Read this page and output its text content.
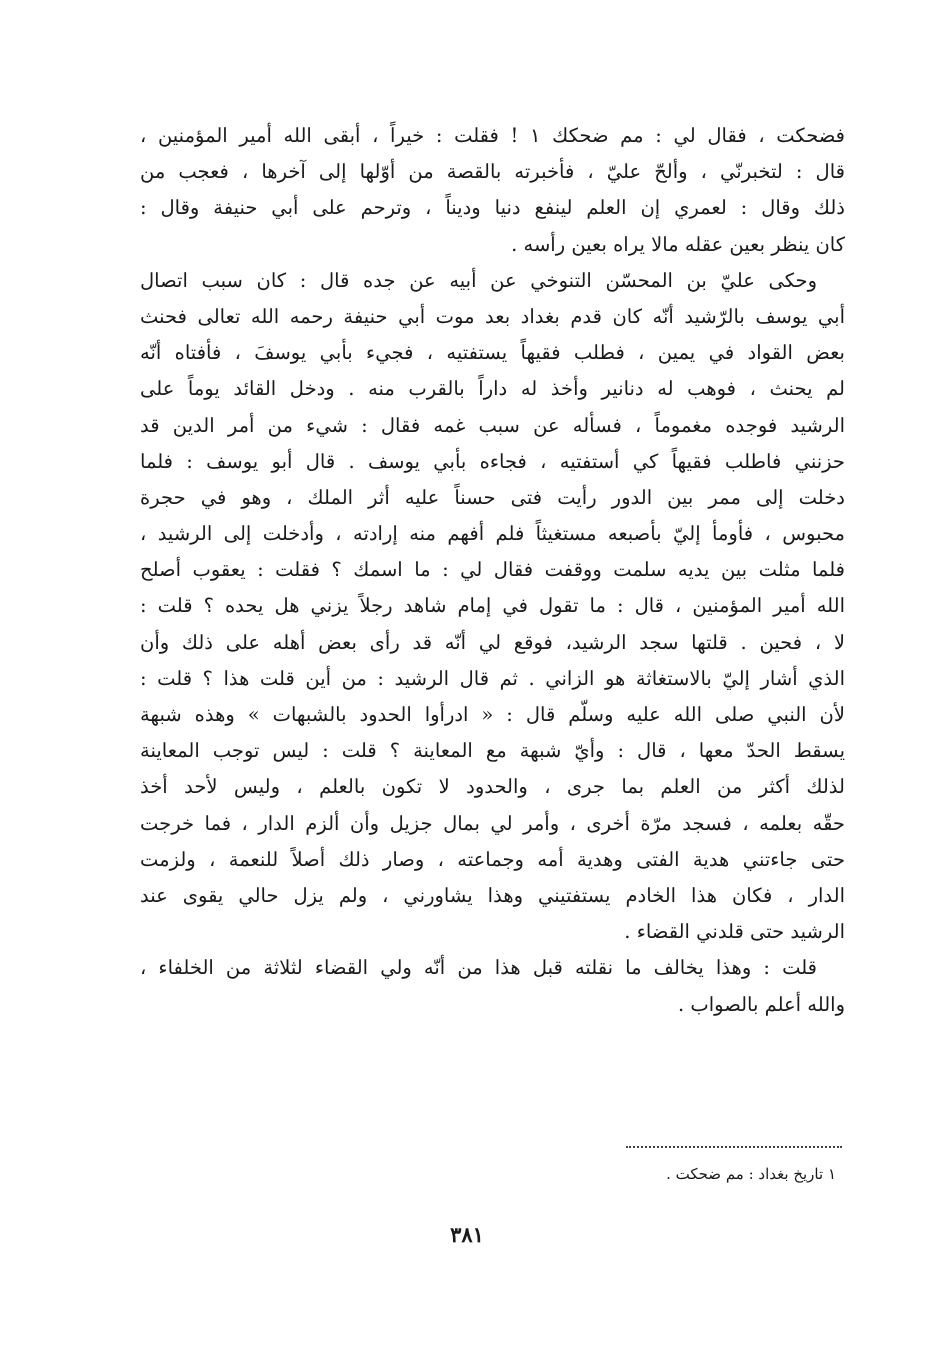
فضحكت ، فقال لي : مم ضحكك ١ ! فقلت : خيراً ، أبقى الله أمير المؤمنين ،
قال : لتخبرنّي ، وألحّ عليّ ، فأخبرته بالقصة من أوّلها إلى آخرها ، فعجب من
ذلك وقال : لعمري إن العلم لينفع دنيا وديناً ، وترحم على أبي حنيفة وقال :
كان ينظر بعين عقله مالا يراه بعين رأسه .
وحكى عليّ بن المحسّن التنوخي عن أبيه عن جده قال : كان سبب اتصال
أبي يوسف بالرّشيد أنّه كان قدم بغداد بعد موت أبي حنيفة رحمه الله تعالى فحنث
بعض القواد في يمين ، فطلب فقيهاً يستفتيه ، فجيء بأبي يوسفَ ، فأفتاه أنّه
لم يحنث ، فوهب له دنانير وأخذ له داراً بالقرب منه . ودخل القائد يوماً على
الرشيد فوجده مغموماً ، فسأله عن سبب غمه فقال : شيء من أمر الدين قد
حزنني فاطلب فقيهاً كي أستفتيه ، فجاءه بأبي يوسف . قال أبو يوسف : فلما
دخلت إلى ممر بين الدور رأيت فتى حسناً عليه أثر الملك ، وهو في حجرة
محبوس ، فأومأ إليّ بأصبعه مستغيثاً فلم أفهم منه إرادته ، وأدخلت إلى الرشيد ،
فلما مثلت بين يديه سلمت ووقفت فقال لي : ما اسمك ؟ فقلت : يعقوب أصلح
الله أمير المؤمنين ، قال : ما تقول في إمام شاهد رجلاً يزني هل يحده ؟ قلت :
لا ، فحين . قلتها سجد الرشيد، فوقع لي أنّه قد رأى بعض أهله على ذلك وأن
الذي أشار إليّ بالاستغاثة هو الزاني . ثم قال الرشيد : من أين قلت هذا ؟ قلت :
لأن النبي صلى الله عليه وسلّم قال : « ادرأوا الحدود بالشبهات » وهذه شبهة
يسقط الحدّ معها ، قال : وأيّ شبهة مع المعاينة ؟ قلت : ليس توجب المعاينة
لذلك أكثر من العلم بما جرى ، والحدود لا تكون بالعلم ، وليس لأحد أخذ
حقّه بعلمه ، فسجد مرّة أخرى ، وأمر لي بمال جزيل وأن ألزم الدار ، فما خرجت
حتى جاءتني هدية الفتى وهدية أمه وجماعته ، وصار ذلك أصلاً للنعمة ، ولزمت
الدار ، فكان هذا الخادم يستفتيني وهذا يشاورني ، ولم يزل حالي يقوى عند
الرشيد حتى قلدني القضاء .
قلت : وهذا يخالف ما نقلته قبل هذا من أنّه ولي القضاء لثلاثة من الخلفاء ،
والله أعلم بالصواب .
١ تاريخ بغداد : مم ضحكت .
٣٨١
